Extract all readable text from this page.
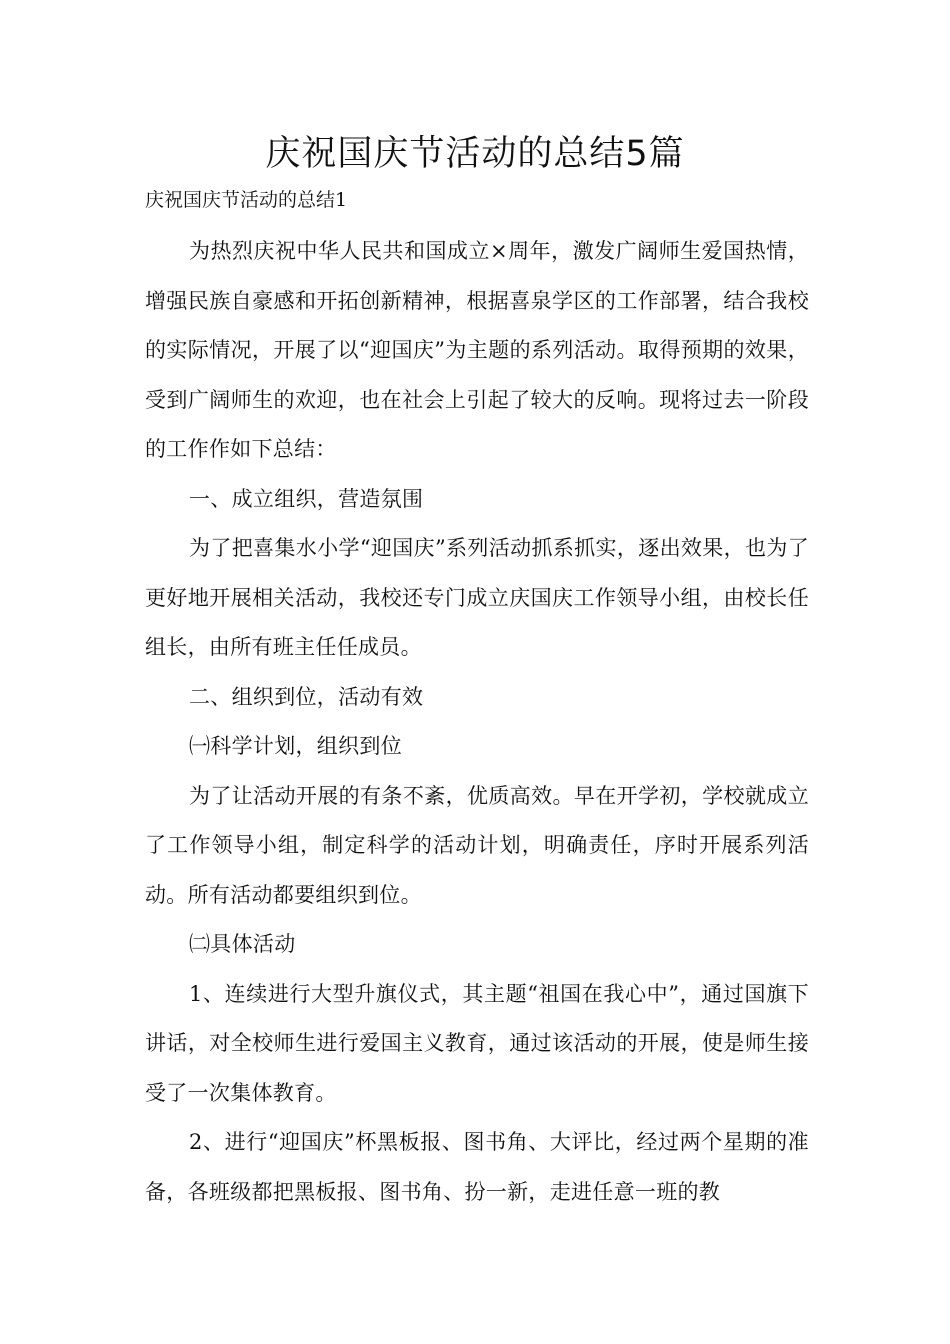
庆祝国庆节活动的总结5篇
庆祝国庆节活动的总结1

为热烈庆祝中华人民共和国成立×周年，激发广阔师生爱国热情，增强民族自豪感和开拓创新精神，根据喜泉学区的工作部署，结合我校的实际情况，开展了以“迎国庆”为主题的系列活动。取得预期的效果，受到广阔师生的欢迎，也在社会上引起了较大的反响。现将过去一阶段的工作作如下总结：

一、成立组织，营造氛围

为了把喜集水小学“迎国庆”系列活动抓系抓实，逐出效果，也为了更好地开展相关活动，我校还专门成立庆国庆工作领导小组，由校长任组长，由所有班主任任成员。

二、组织到位，活动有效

㈠科学计划，组织到位

为了让活动开展的有条不紊，优质高效。早在开学初，学校就成立了工作领导小组，制定科学的活动计划，明确责任，序时开展系列活动。所有活动都要组织到位。

㈡具体活动

1、连续进行大型升旗仪式，其主题“祖国在我心中”，通过国旗下讲话，对全校师生进行爱国主义教育，通过该活动的开展，使是师生接受了一次集体教育。

2、进行“迎国庆”杯黑板报、图书角、大评比，经过两个星期的准备，各班级都把黑板报、图书角、扮一新，走进任意一班的教
